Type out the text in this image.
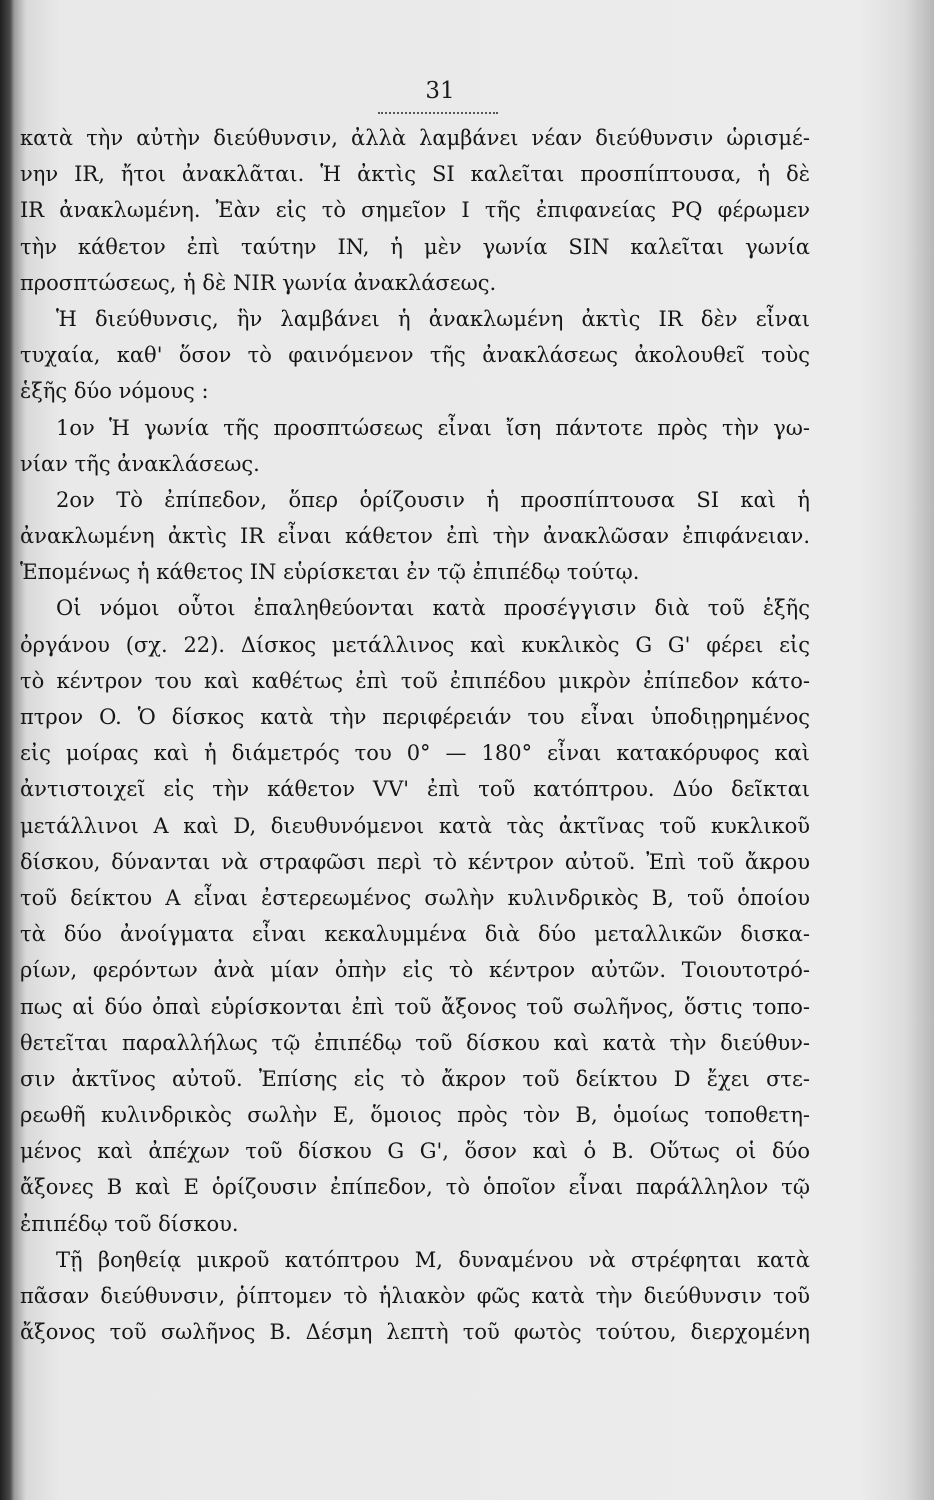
31
κατὰ τὴν αὐτὴν διεύθυνσιν, ἀλλὰ λαμβάνει νέαν διεύθυνσιν ὡρισμέ-
νην IR, ἤτοι ἀνακλᾶται. Ἡ ἀκτὶς SI καλεῖται προσπίπτουσα, ἡ δὲ
IR ἀνακλωμένη. Ἐὰν εἰς τὸ σημεῖον I τῆς ἐπιφανείας PQ φέρωμεν
τὴν κάθετον ἐπὶ ταύτην IN, ἡ μὲν γωνία SIN καλεῖται γωνία
προσπτώσεως, ἡ δὲ NIR γωνία ἀνακλάσεως.
Ἡ διεύθυνσις, ἣν λαμβάνει ἡ ἀνακλωμένη ἀκτὶς IR δὲν εἶναι
τυχαία, καθ' ὅσον τὸ φαινόμενον τῆς ἀνακλάσεως ἀκολουθεῖ τοὺς
ἑξῆς δύο νόμους :
1ον Ἡ γωνία τῆς προσπτώσεως εἶναι ἴση πάντοτε πρὸς τὴν γω-
νίαν τῆς ἀνακλάσεως.
2ον Τὸ ἐπίπεδον, ὅπερ ὁρίζουσιν ἡ προσπίπτουσα SI καὶ ἡ
ἀνακλωμένη ἀκτὶς IR εἶναι κάθετον ἐπὶ τὴν ἀνακλῶσαν ἐπιφάνειαν.
Ἑπομένως ἡ κάθετος IN εὑρίσκεται ἐν τῷ ἐπιπέδῳ τούτῳ.
Οἱ νόμοι οὗτοι ἐπαληθεύονται κατὰ προσέγγισιν διὰ τοῦ ἑξῆς
ὀργάνου (σχ. 22). Δίσκος μετάλλινος καὶ κυκλικὸς G G' φέρει εἰς
τὸ κέντρον του καὶ καθέτως ἐπὶ τοῦ ἐπιπέδου μικρὸν ἐπίπεδον κάτο-
πτρον O. Ὁ δίσκος κατὰ τὴν περιφέρειάν του εἶναι ὑποδιῃρημένος
εἰς μοίρας καὶ ἡ διάμετρός του 0° — 180° εἶναι κατακόρυφος καὶ
ἀντιστοιχεῖ εἰς τὴν κάθετον VV' ἐπὶ τοῦ κατόπτρου. Δύο δεῖκται
μετάλλινοι A καὶ D, διευθυνόμενοι κατὰ τὰς ἀκτῖνας τοῦ κυκλικοῦ
δίσκου, δύνανται νὰ στραφῶσι περὶ τὸ κέντρον αὐτοῦ. Ἐπὶ τοῦ ἄκρου
τοῦ δείκτου A εἶναι ἐστερεωμένος σωλὴν κυλινδρικὸς B, τοῦ ὁποίου
τὰ δύο ἀνοίγματα εἶναι κεκαλυμμένα διὰ δύο μεταλλικῶν δισκα-
ρίων, φερόντων ἀνὰ μίαν ὀπὴν εἰς τὸ κέντρον αὐτῶν. Τοιουτοτρό-
πως αἱ δύο ὀπαὶ εὑρίσκονται ἐπὶ τοῦ ἄξονος τοῦ σωλῆνος, ὅστις τοπο-
θετεῖται παραλλήλως τῷ ἐπιπέδῳ τοῦ δίσκου καὶ κατὰ τὴν διεύθυν-
σιν ἀκτῖνος αὐτοῦ. Ἐπίσης εἰς τὸ ἄκρον τοῦ δείκτου D ἔχει στε-
ρεωθῆ κυλινδρικὸς σωλὴν E, ὅμοιος πρὸς τὸν B, ὁμοίως τοποθετη-
μένος καὶ ἀπέχων τοῦ δίσκου G G', ὅσον καὶ ὁ B. Οὕτως οἱ δύο
ἄξονες B καὶ E ὁρίζουσιν ἐπίπεδον, τὸ ὁποῖον εἶναι παράλληλον τῷ
ἐπιπέδῳ τοῦ δίσκου.
Τῇ βοηθείᾳ μικροῦ κατόπτρου M, δυναμένου νὰ στρέφηται κατὰ
πᾶσαν διεύθυνσιν, ῥίπτομεν τὸ ἡλιακὸν φῶς κατὰ τὴν διεύθυνσιν τοῦ
ἄξονος τοῦ σωλῆνος B. Δέσμη λεπτὴ τοῦ φωτὸς τούτου, διερχομένη
